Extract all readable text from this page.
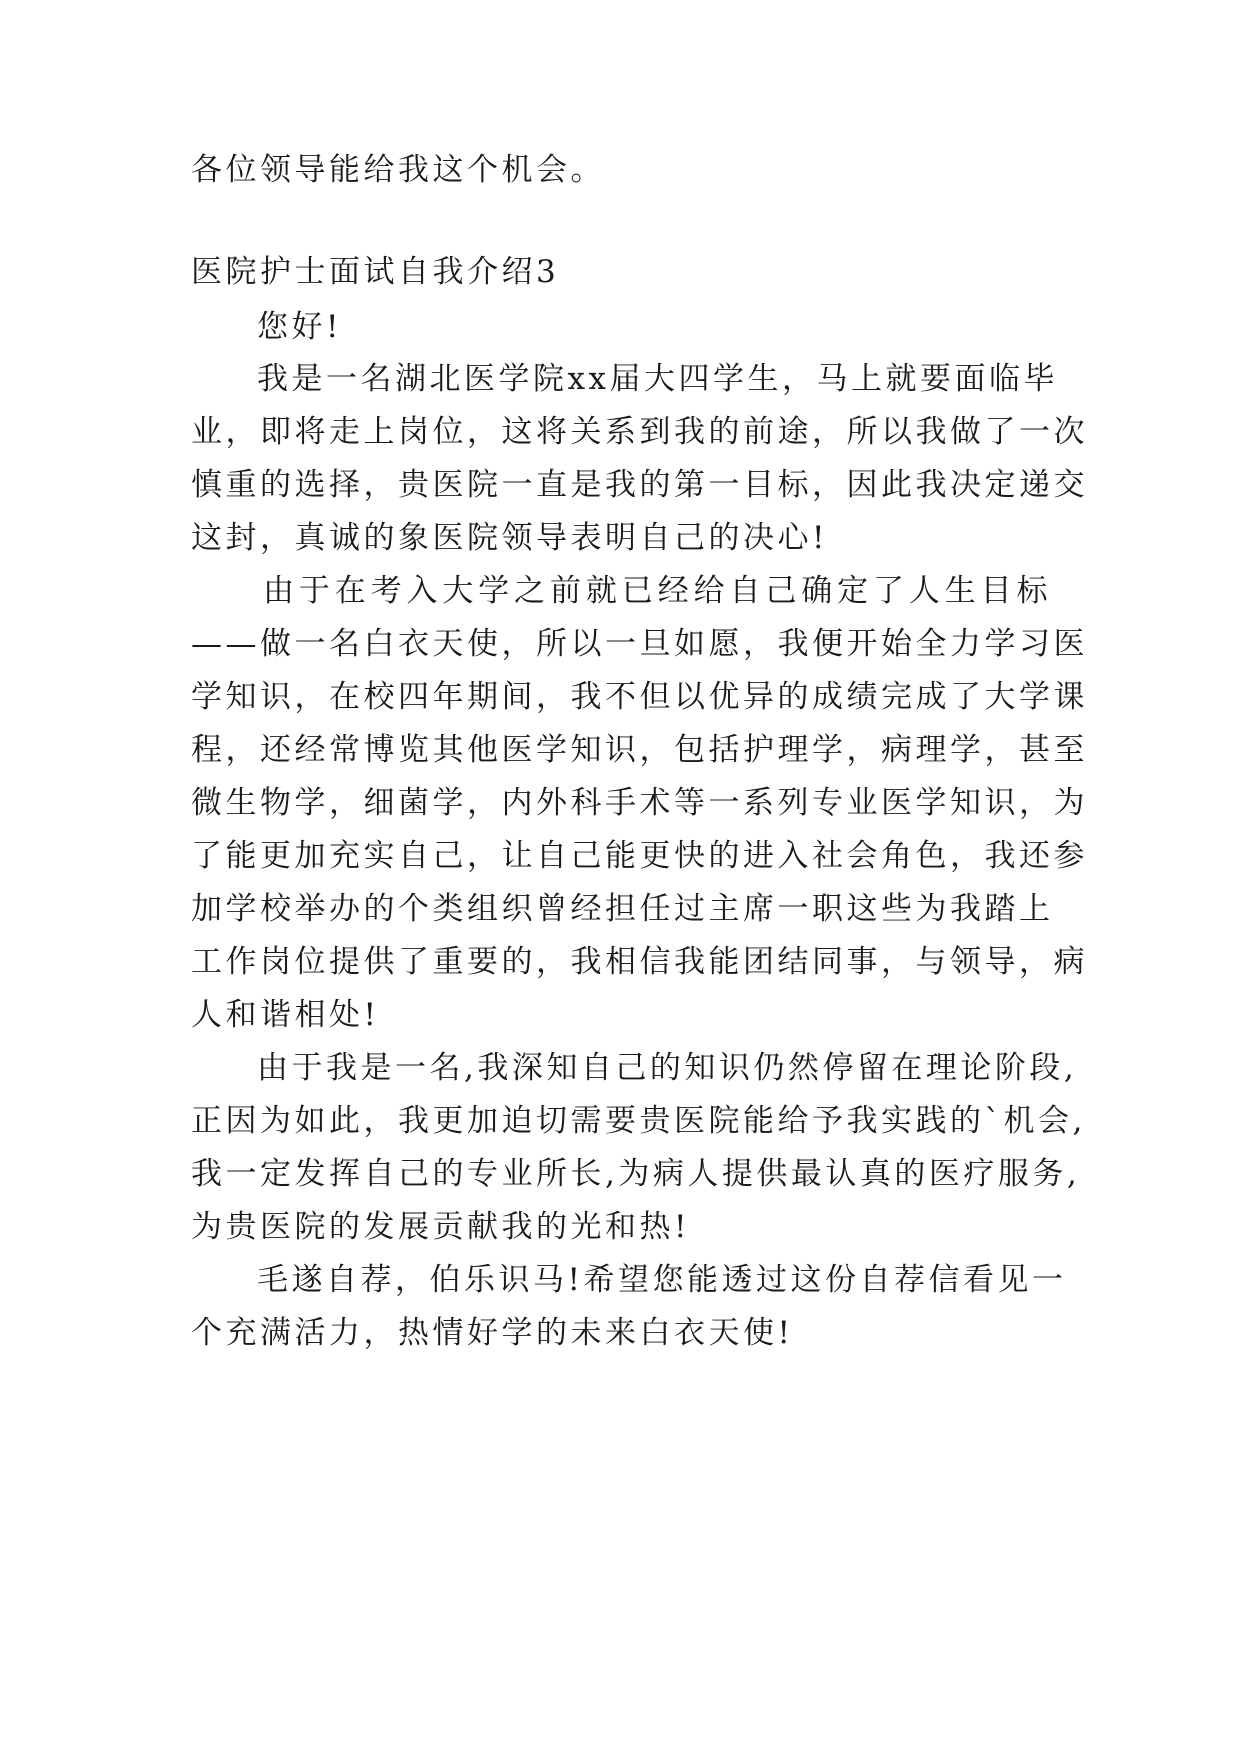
各位领导能给我这个机会。
医院护士面试自我介绍3
您好!
我是一名湖北医学院xx届大四学生，马上就要面临毕
业，即将走上岗位，这将关系到我的前途，所以我做了一次
慎重的选择，贵医院一直是我的第一目标，因此我决定递交
这封，真诚的象医院领导表明自己的决心!
由于在考入大学之前就已经给自己确定了人生目标
——做一名白衣天使，所以一旦如愿，我便开始全力学习医
学知识，在校四年期间，我不但以优异的成绩完成了大学课
程，还经常博览其他医学知识，包括护理学，病理学，甚至
微生物学，细菌学，内外科手术等一系列专业医学知识，为
了能更加充实自己，让自己能更快的进入社会角色，我还参
加学校举办的个类组织曾经担任过主席一职这些为我踏上
工作岗位提供了重要的，我相信我能团结同事，与领导，病
人和谐相处!
由于我是一名,我深知自己的知识仍然停留在理论阶段,
正因为如此，我更加迫切需要贵医院能给予我实践的`机会,
我一定发挥自己的专业所长,为病人提供最认真的医疗服务,
为贵医院的发展贡献我的光和热!
毛遂自荐，伯乐识马!希望您能透过这份自荐信看见一
个充满活力，热情好学的未来白衣天使!
